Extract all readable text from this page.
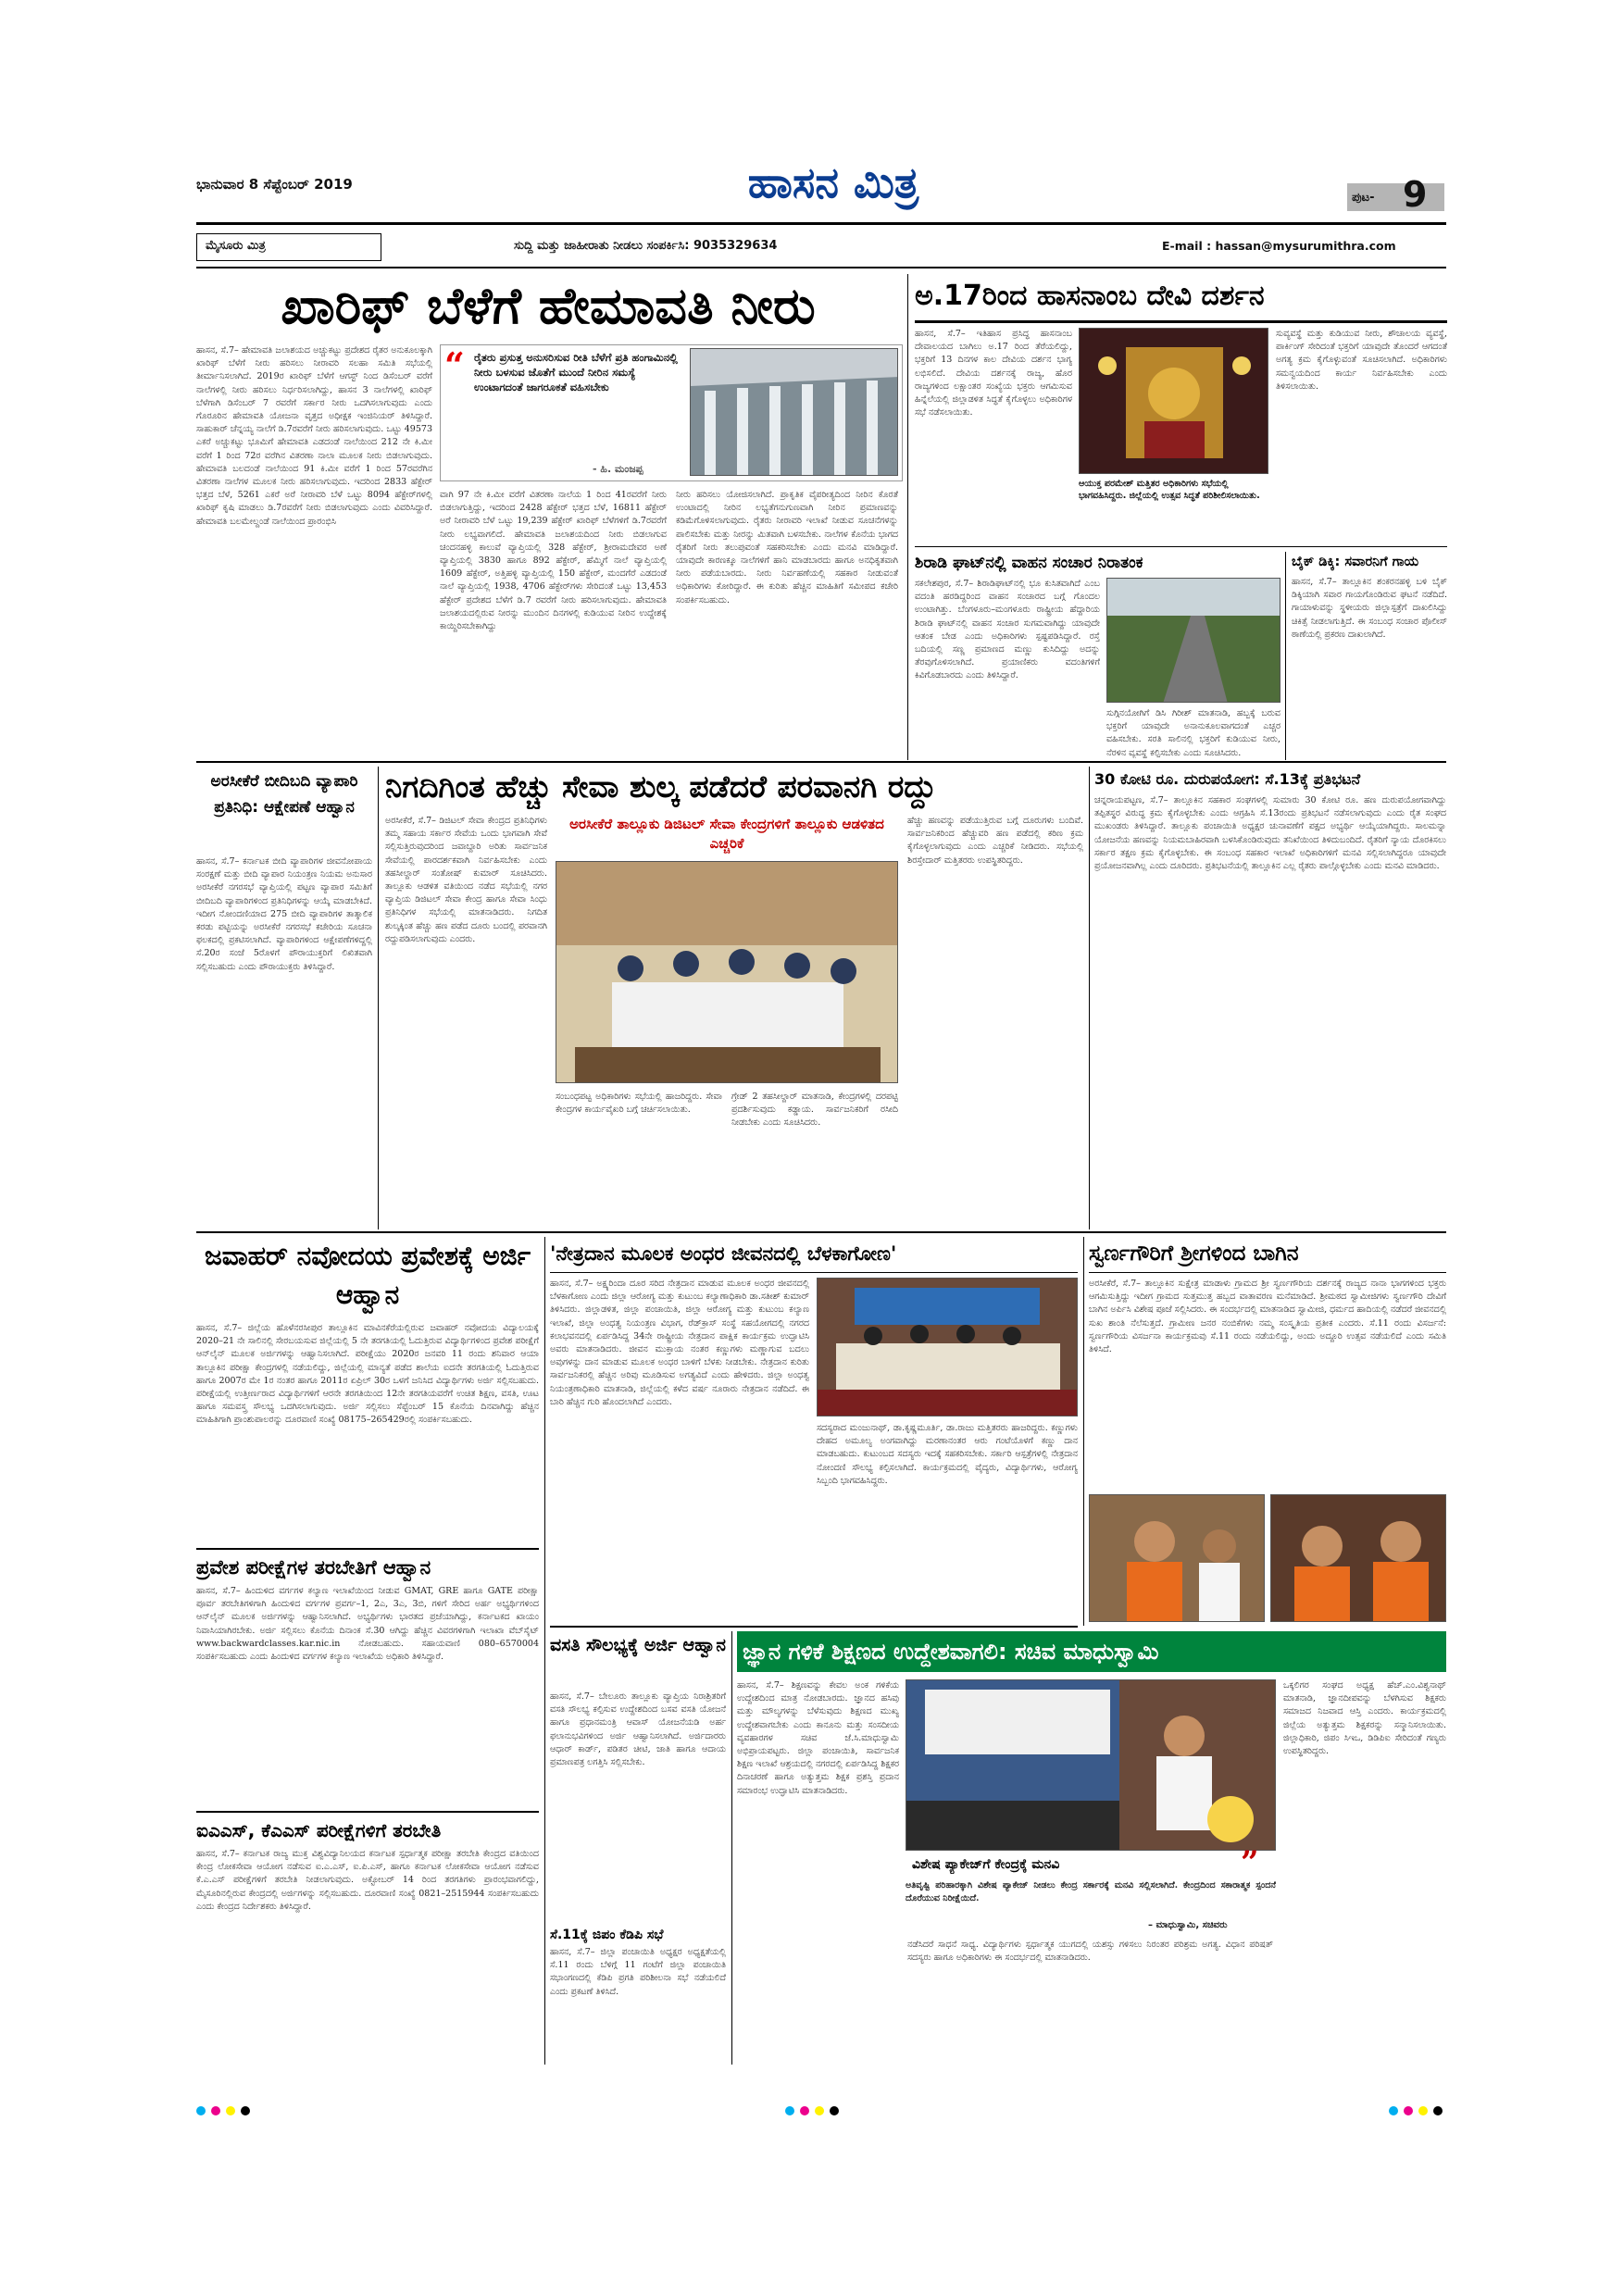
ಭಾನುವಾರ 8 ಸೆಪ್ಟೆಂಬರ್ 2019	ಹಾಸನ ಮಿತ್ರ	ಪುಟ- 9
ಮೈಸೂರು ಮಿತ್ರ	ಸುದ್ದಿ ಮತ್ತು ಜಾಹೀರಾತು ನೀಡಲು ಸಂಪರ್ಕಿಸಿ: 9035329634	E-mail : hassan@mysurumithra.com
ಖಾರಿಫ್ ಬೆಳೆಗೆ ಹೇಮಾವತಿ ನೀರು
ಹಾಸನ, ಸೆ.7– ಹೇಮಾವತಿ ಜಲಾಶಯದ ಅಚ್ಚುಕಟ್ಟು ಪ್ರದೇಶದ ರೈತರ ಅನುಕೂಲಕ್ಕಾಗಿ ಖಾರಿಫ್ ಬೆಳೆಗೆ ನೀರು ಹರಿಸಲು ನೀರಾವರಿ ಸಲಹಾ ಸಮಿತಿ ಸಭೆಯಲ್ಲಿ ತೀರ್ಮಾನಿಸಲಾಗಿದೆ. 2019ರ ಖಾರಿಫ್ ಬೆಳೆಗೆ ಆಗಸ್ಟ್ ನಿಂದ ಡಿಸೆಂಬರ್ ವರೆಗೆ ನಾಲೆಗಳಲ್ಲಿ ನೀರು ಹರಿಸಲು ನಿರ್ಧರಿಸಲಾಗಿದ್ದು, ಹಾಸನ 3 ನಾಲೆಗಳಲ್ಲಿ ಖಾರಿಫ್ ಬೆಳೆಗಾಗಿ ಡಿಸೆಂಬರ್ 7 ರವರೆಗೆ ಸರ್ಕಾರ ನೀರು ಒದಗಿಸಲಾಗುವುದು ಎಂದು ಗೊರೂರಿನ ಹೇಮಾವತಿ ಯೋಜನಾ ವೃತ್ತದ ಅಧೀಕ್ಷಕ ಇಂಜಿನಿಯರ್ ತಿಳಿಸಿದ್ದಾರೆ. ಸಾಹುಕಾರ್ ಚೆನ್ನಯ್ಯ ನಾಲೆಗೆ ಡಿ.7ರವರೆಗೆ ನೀರು ಹರಿಸಲಾಗುವುದು. ಒಟ್ಟು 49573 ಎಕರೆ ಅಚ್ಚುಕಟ್ಟು ಭೂಮಿಗೆ ಹೇಮಾವತಿ ಎಡದಂಡೆ ನಾಲೆಯಿಂದ 212 ನೇ ಕಿ.ಮೀ ವರೆಗೆ 1 ರಿಂದ 72ರ ವರೆಗಿನ ವಿತರಣಾ ನಾಲಾ ಮೂಲಕ ನೀರು ಬಿಡಲಾಗುವುದು. ಹೇಮಾವತಿ ಬಲದಂಡೆ ನಾಲೆಯಿಂದ 91 ಕಿ.ಮೀ ವರೆಗೆ 1 ರಿಂದ 57ರವರೆಗಿನ ವಿತರಣಾ ನಾಲೆಗಳ ಮೂಲಕ ನೀರು ಹರಿಸಲಾಗುವುದು. ಇದರಿಂದ 2833 ಹೆಕ್ಟೇರ್ ಭತ್ತದ ಬೆಳೆ, 5261 ಎಕರೆ ಅರೆ ನೀರಾವರಿ ಬೆಳೆ ಒಟ್ಟು 8094 ಹೆಕ್ಟೇರ್‌ಗಳಲ್ಲಿ ಖಾರಿಫ್ ಕೃಷಿ ಮಾಡಲು ಡಿ.7ರವರೆಗೆ ನೀರು ಬಿಡಲಾಗುವುದು ಎಂದು ವಿವರಿಸಿದ್ದಾರೆ. ಹೇಮಾವತಿ ಬಲಮೇಲ್ದಂಡೆ ನಾಲೆಯಿಂದ ಪ್ರಾರಂಭಿಸಿ
“ ರೈತರು ಪ್ರಸುತ್ತ ಅನುಸರಿಸುವ ರೀತಿ ಬೆಳೆಗೆ ಪ್ರತಿ ಹಂಗಾಮಿನಲ್ಲಿ ನೀರು ಬಳಸುವ ಜೊತೆಗೆ ಮುಂದೆ ನೀರಿನ ಸಮಸ್ಯೆ ಉಂಟಾಗದಂತೆ ಜಾಗರೂಕತೆ ವಹಿಸಬೇಕು
- ಹಿ. ಮಂಜಪ್ಪ
ವಾಗಿ 97 ನೇ ಕಿ.ಮೀ ವರೆಗೆ ವಿತರಣಾ ನಾಲೆಯ 1 ರಿಂದ 41ರವರೆಗೆ ನೀರು ಬಿಡಲಾಗುತ್ತಿದ್ದು, ಇದರಿಂದ 2428 ಹೆಕ್ಟೇರ್ ಭತ್ತದ ಬೆಳೆ, 16811 ಹೆಕ್ಟೇರ್ ಅರೆ ನೀರಾವರಿ ಬೆಳೆ ಒಟ್ಟು 19,239 ಹೆಕ್ಟೇರ್ ಖಾರಿಫ್ ಬೆಳೆಗಳಿಗೆ ಡಿ.7ರವರೆಗೆ ನೀರು ಲಭ್ಯವಾಗಲಿದೆ. ಹೇಮಾವತಿ ಜಲಾಶಯದಿಂದ ನೀರು ಬಿಡಲಾಗುವ ಚಂದನಹಳ್ಳಿ ಕಾಲುವೆ ವ್ಯಾಪ್ತಿಯಲ್ಲಿ 328 ಹೆಕ್ಟೇರ್, ಶ್ರೀರಾಮದೇವರ ಅಣೆ ವ್ಯಾಪ್ತಿಯಲ್ಲಿ 3830 ಹಾಗೂ 892 ಹೆಕ್ಟೇರ್, ಹೆಮ್ಮಿಗೆ ನಾಲೆ ವ್ಯಾಪ್ತಿಯಲ್ಲಿ 1609 ಹೆಕ್ಟೇರ್, ಅತ್ತಿಹಳ್ಳಿ ವ್ಯಾಪ್ತಿಯಲ್ಲಿ 150 ಹೆಕ್ಟೇರ್, ಮಂದಗೆರೆ ಎಡದಂಡೆ ನಾಲೆ ವ್ಯಾಪ್ತಿಯಲ್ಲಿ 1938, 4706 ಹೆಕ್ಟೇರ್‌ಗಳು ಸೇರಿದಂತೆ ಒಟ್ಟು 13,453 ಹೆಕ್ಟೇರ್ ಪ್ರದೇಶದ ಬೆಳೆಗೆ ಡಿ.7 ರವರೆಗೆ ನೀರು ಹರಿಸಲಾಗುವುದು. ಹೇಮಾವತಿ ಜಲಾಶಯದಲ್ಲಿರುವ ನೀರನ್ನು ಮುಂದಿನ ದಿನಗಳಲ್ಲಿ ಕುಡಿಯುವ ನೀರಿನ ಉದ್ದೇಶಕ್ಕೆ ಕಾಯ್ದಿರಿಸಬೇಕಾಗಿದ್ದು
ನೀರು ಹರಿಸಲು ಯೋಜಿಸಲಾಗಿದೆ. ಪ್ರಾಕೃತಿಕ ವೈಪರೀತ್ಯದಿಂದ ನೀರಿನ ಕೊರತೆ ಉಂಟಾದಲ್ಲಿ ನೀರಿನ ಲಭ್ಯತೆಗನುಗುಣವಾಗಿ ನೀರಿನ ಪ್ರಮಾಣವನ್ನು ಕಡಿಮೆಗೊಳಿಸಲಾಗುವುದು. ರೈತರು ನೀರಾವರಿ ಇಲಾಖೆ ನೀಡುವ ಸೂಚನೆಗಳನ್ನು ಪಾಲಿಸಬೇಕು ಮತ್ತು ನೀರನ್ನು ಮಿತವಾಗಿ ಬಳಸಬೇಕು. ನಾಲೆಗಳ ಕೊನೆಯ ಭಾಗದ ರೈತರಿಗೆ ನೀರು ತಲುಪುವಂತೆ ಸಹಕರಿಸಬೇಕು ಎಂದು ಮನವಿ ಮಾಡಿದ್ದಾರೆ. ಯಾವುದೇ ಕಾರಣಕ್ಕೂ ನಾಲೆಗಳಿಗೆ ಹಾನಿ ಮಾಡಬಾರದು ಹಾಗೂ ಅನಧಿಕೃತವಾಗಿ ನೀರು ಪಡೆಯಬಾರದು. ನೀರು ನಿರ್ವಹಣೆಯಲ್ಲಿ ಸಹಕಾರ ನೀಡುವಂತೆ ಅಧಿಕಾರಿಗಳು ಕೋರಿದ್ದಾರೆ. ಈ ಕುರಿತು ಹೆಚ್ಚಿನ ಮಾಹಿತಿಗೆ ಸಮೀಪದ ಕಚೇರಿ ಸಂಪರ್ಕಿಸಬಹುದು.
ಅ.17ರಿಂದ ಹಾಸನಾಂಬ ದೇವಿ ದರ್ಶನ
ಹಾಸನ, ಸೆ.7– ಇತಿಹಾಸ ಪ್ರಸಿದ್ಧ ಹಾಸನಾಂಬ ದೇವಾಲಯದ ಬಾಗಿಲು ಅ.17 ರಿಂದ ತೆರೆಯಲಿದ್ದು, ಭಕ್ತರಿಗೆ 13 ದಿನಗಳ ಕಾಲ ದೇವಿಯ ದರ್ಶನ ಭಾಗ್ಯ ಲಭಿಸಲಿದೆ. ದೇವಿಯ ದರ್ಶನಕ್ಕೆ ರಾಜ್ಯ, ಹೊರ ರಾಜ್ಯಗಳಿಂದ ಲಕ್ಷಾಂತರ ಸಂಖ್ಯೆಯ ಭಕ್ತರು ಆಗಮಿಸುವ ಹಿನ್ನೆಲೆಯಲ್ಲಿ ಜಿಲ್ಲಾಡಳಿತ ಸಿದ್ಧತೆ ಕೈಗೊಳ್ಳಲು ಅಧಿಕಾರಿಗಳ ಸಭೆ ನಡೆಸಲಾಯಿತು.
ಆಯುಕ್ತ ಪರಮೇಶ್ ಮತ್ತಿತರ ಅಧಿಕಾರಿಗಳು ಸಭೆಯಲ್ಲಿ ಭಾಗವಹಿಸಿದ್ದರು. ಜಿಲ್ಲೆಯಲ್ಲಿ ಉತ್ಸವ ಸಿದ್ಧತೆ ಪರಿಶೀಲಿಸಲಾಯಿತು.
ಸುವ್ಯವಸ್ಥೆ ಮತ್ತು ಕುಡಿಯುವ ನೀರು, ಶೌಚಾಲಯ ವ್ಯವಸ್ಥೆ, ಪಾರ್ಕಿಂಗ್ ಸೇರಿದಂತೆ ಭಕ್ತರಿಗೆ ಯಾವುದೇ ತೊಂದರೆ ಆಗದಂತೆ ಅಗತ್ಯ ಕ್ರಮ ಕೈಗೊಳ್ಳುವಂತೆ ಸೂಚಿಸಲಾಗಿದೆ. ಅಧಿಕಾರಿಗಳು ಸಮನ್ವಯದಿಂದ ಕಾರ್ಯ ನಿರ್ವಹಿಸಬೇಕು ಎಂದು ತಿಳಿಸಲಾಯಿತು.
ಶಿರಾಡಿ ಘಾಟ್‌ನಲ್ಲಿ ವಾಹನ ಸಂಚಾರ ನಿರಾತಂಕ
ಸಕಲೇಶಪುರ, ಸೆ.7– ಶಿರಾಡಿಘಾಟ್‌ನಲ್ಲಿ ಭೂ ಕುಸಿತವಾಗಿದೆ ಎಂಬ ವದಂತಿ ಹರಡಿದ್ದರಿಂದ ವಾಹನ ಸಂಚಾರದ ಬಗ್ಗೆ ಗೊಂದಲ ಉಂಟಾಗಿತ್ತು. ಬೆಂಗಳೂರು–ಮಂಗಳೂರು ರಾಷ್ಟ್ರೀಯ ಹೆದ್ದಾರಿಯ ಶಿರಾಡಿ ಘಾಟ್‌ನಲ್ಲಿ ವಾಹನ ಸಂಚಾರ ಸುಗಮವಾಗಿದ್ದು ಯಾವುದೇ ಆತಂಕ ಬೇಡ ಎಂದು ಅಧಿಕಾರಿಗಳು ಸ್ಪಷ್ಟಪಡಿಸಿದ್ದಾರೆ. ರಸ್ತೆ ಬದಿಯಲ್ಲಿ ಸಣ್ಣ ಪ್ರಮಾಣದ ಮಣ್ಣು ಕುಸಿದಿದ್ದು ಅದನ್ನು ತೆರವುಗೊಳಿಸಲಾಗಿದೆ. ಪ್ರಯಾಣಿಕರು ವದಂತಿಗಳಿಗೆ ಕಿವಿಗೊಡಬಾರದು ಎಂದು ತಿಳಿಸಿದ್ದಾರೆ.
ಸುಗ್ಗಿನಯೋಗಿಗೆ ಡಿಸಿ ಗಿರೀಶ್ ಮಾತನಾಡಿ, ಹಬ್ಬಕ್ಕೆ ಬರುವ ಭಕ್ತರಿಗೆ ಯಾವುದೇ ಅನಾನುಕೂಲವಾಗದಂತೆ ಎಚ್ಚರ ವಹಿಸಬೇಕು. ಸರತಿ ಸಾಲಿನಲ್ಲಿ ಭಕ್ತರಿಗೆ ಕುಡಿಯುವ ನೀರು, ನೆರಳಿನ ವ್ಯವಸ್ಥೆ ಕಲ್ಪಿಸಬೇಕು ಎಂದು ಸೂಚಿಸಿದರು.
ಬೈಕ್ ಡಿಕ್ಕಿ: ಸವಾರನಿಗೆ ಗಾಯ
ಹಾಸನ, ಸೆ.7– ತಾಲ್ಲೂಕಿನ ಶಂಕರನಹಳ್ಳಿ ಬಳಿ ಬೈಕ್ ಡಿಕ್ಕಿಯಾಗಿ ಸವಾರ ಗಾಯಗೊಂಡಿರುವ ಘಟನೆ ನಡೆದಿದೆ. ಗಾಯಾಳುವನ್ನು ಸ್ಥಳೀಯರು ಜಿಲ್ಲಾಸ್ಪತ್ರೆಗೆ ದಾಖಲಿಸಿದ್ದು ಚಿಕಿತ್ಸೆ ನೀಡಲಾಗುತ್ತಿದೆ. ಈ ಸಂಬಂಧ ಸಂಚಾರ ಪೊಲೀಸ್ ಠಾಣೆಯಲ್ಲಿ ಪ್ರಕರಣ ದಾಖಲಾಗಿದೆ.
ಅರಸೀಕೆರೆ ಬೀದಿಬದಿ ವ್ಯಾಪಾರಿ ಪ್ರತಿನಿಧಿ: ಆಕ್ಷೇಪಣೆ ಆಹ್ವಾನ
ಹಾಸನ, ಸೆ.7– ಕರ್ನಾಟಕ ಬೀದಿ ವ್ಯಾಪಾರಿಗಳ ಜೀವನೋಪಾಯ ಸಂರಕ್ಷಣೆ ಮತ್ತು ಬೀದಿ ವ್ಯಾಪಾರ ನಿಯಂತ್ರಣ ನಿಯಮ ಅನುಸಾರ ಅರಸೀಕೆರೆ ನಗರಸಭೆ ವ್ಯಾಪ್ತಿಯಲ್ಲಿ ಪಟ್ಟಣ ವ್ಯಾಪಾರ ಸಮಿತಿಗೆ ಬೀದಿಬದಿ ವ್ಯಾಪಾರಿಗಳಿಂದ ಪ್ರತಿನಿಧಿಗಳನ್ನು ಆಯ್ಕೆ ಮಾಡಬೇಕಿದೆ. ಇದೀಗ ನೋಂದಣಿಯಾದ 275 ಬೀದಿ ವ್ಯಾಪಾರಿಗಳ ತಾತ್ಕಾಲಿಕ ಕರಡು ಪಟ್ಟಿಯನ್ನು ಅರಸೀಕೆರೆ ನಗರಸಭೆ ಕಚೇರಿಯ ಸೂಚನಾ ಫಲಕದಲ್ಲಿ ಪ್ರಕಟಿಸಲಾಗಿದೆ. ವ್ಯಾಪಾರಿಗಳಿಂದ ಆಕ್ಷೇಪಣೆಗಳಿದ್ದಲ್ಲಿ ಸೆ.20ರ ಸಂಜೆ 5ರೊಳಗೆ ಪೌರಾಯುಕ್ತರಿಗೆ ಲಿಖಿತವಾಗಿ ಸಲ್ಲಿಸಬಹುದು ಎಂದು ಪೌರಾಯುಕ್ತರು ತಿಳಿಸಿದ್ದಾರೆ.
ನಿಗದಿಗಿಂತ ಹೆಚ್ಚು ಸೇವಾ ಶುಲ್ಕ ಪಡೆದರೆ ಪರವಾನಗಿ ರದ್ದು
ಅರಸೀಕೆರೆ, ಸೆ.7– ಡಿಜಿಟಲ್ ಸೇವಾ ಕೇಂದ್ರದ ಪ್ರತಿನಿಧಿಗಳು ತಮ್ಮ ಸಹಾಯ ಸರ್ಕಾರ ಸೇವೆಯ ಒಂದು ಭಾಗವಾಗಿ ಸೇವೆ ಸಲ್ಲಿಸುತ್ತಿರುವುದರಿಂದ ಜವಾಬ್ದಾರಿ ಅರಿತು ಸಾರ್ವಜನಿಕ ಸೇವೆಯಲ್ಲಿ ಪಾರದರ್ಶಕವಾಗಿ ನಿರ್ವಹಿಸಬೇಕು ಎಂದು ತಹಸೀಲ್ದಾರ್ ಸಂತೋಷ್ ಕುಮಾರ್ ಸೂಚಿಸಿದರು. ತಾಲ್ಲೂಕು ಆಡಳಿತ ವತಿಯಿಂದ ನಡೆದ ಸಭೆಯಲ್ಲಿ ನಗರ ವ್ಯಾಪ್ತಿಯ ಡಿಜಿಟಲ್ ಸೇವಾ ಕೇಂದ್ರ ಹಾಗೂ ಸೇವಾ ಸಿಂಧು ಪ್ರತಿನಿಧಿಗಳ ಸಭೆಯಲ್ಲಿ ಮಾತನಾಡಿದರು. ನಿಗದಿತ ಶುಲ್ಕಕ್ಕಿಂತ ಹೆಚ್ಚು ಹಣ ಪಡೆದ ದೂರು ಬಂದಲ್ಲಿ ಪರವಾನಗಿ ರದ್ದುಪಡಿಸಲಾಗುವುದು ಎಂದರು.
ಅರಸೀಕೆರೆ ತಾಲ್ಲೂಕು ಡಿಜಿಟಲ್ ಸೇವಾ ಕೇಂದ್ರಗಳಿಗೆ ತಾಲ್ಲೂಕು ಆಡಳಿತದ ಎಚ್ಚರಿಕೆ
ಸಂಬಂಧಪಟ್ಟ ಅಧಿಕಾರಿಗಳು ಸಭೆಯಲ್ಲಿ ಹಾಜರಿದ್ದರು. ಸೇವಾ ಕೇಂದ್ರಗಳ ಕಾರ್ಯವೈಖರಿ ಬಗ್ಗೆ ಚರ್ಚಿಸಲಾಯಿತು.
ಗ್ರೇಡ್ 2 ತಹಸೀಲ್ದಾರ್ ಮಾತನಾಡಿ, ಕೇಂದ್ರಗಳಲ್ಲಿ ದರಪಟ್ಟಿ ಪ್ರದರ್ಶಿಸುವುದು ಕಡ್ಡಾಯ. ಸಾರ್ವಜನಿಕರಿಗೆ ರಸೀದಿ ನೀಡಬೇಕು ಎಂದು ಸೂಚಿಸಿದರು.
ಹೆಚ್ಚು ಹಣವನ್ನು ಪಡೆಯುತ್ತಿರುವ ಬಗ್ಗೆ ದೂರುಗಳು ಬಂದಿವೆ. ಸಾರ್ವಜನಿಕರಿಂದ ಹೆಚ್ಚುವರಿ ಹಣ ಪಡೆದಲ್ಲಿ ಕಠಿಣ ಕ್ರಮ ಕೈಗೊಳ್ಳಲಾಗುವುದು ಎಂದು ಎಚ್ಚರಿಕೆ ನೀಡಿದರು. ಸಭೆಯಲ್ಲಿ ಶಿರಸ್ತೇದಾರ್ ಮತ್ತಿತರರು ಉಪಸ್ಥಿತರಿದ್ದರು.
30 ಕೋಟಿ ರೂ. ದುರುಪಯೋಗ: ಸೆ.13ಕ್ಕೆ ಪ್ರತಿಭಟನೆ
ಚನ್ನರಾಯಪಟ್ಟಣ, ಸೆ.7– ತಾಲ್ಲೂಕಿನ ಸಹಕಾರ ಸಂಘಗಳಲ್ಲಿ ಸುಮಾರು 30 ಕೋಟಿ ರೂ. ಹಣ ದುರುಪಯೋಗವಾಗಿದ್ದು ತಪ್ಪಿತಸ್ಥರ ವಿರುದ್ಧ ಕ್ರಮ ಕೈಗೊಳ್ಳಬೇಕು ಎಂದು ಆಗ್ರಹಿಸಿ ಸೆ.13ರಂದು ಪ್ರತಿಭಟನೆ ನಡೆಸಲಾಗುವುದು ಎಂದು ರೈತ ಸಂಘದ ಮುಖಂಡರು ತಿಳಿಸಿದ್ದಾರೆ. ತಾಲ್ಲೂಕು ಪಂಚಾಯಿತಿ ಅಧ್ಯಕ್ಷರ ಚುನಾವಣೆಗೆ ಪಕ್ಷದ ಅಭ್ಯರ್ಥಿ ಆಯ್ಕೆಯಾಗಿದ್ದರು. ಸಾಲಮನ್ನಾ ಯೋಜನೆಯ ಹಣವನ್ನು ನಿಯಮಬಾಹಿರವಾಗಿ ಬಳಸಿಕೊಂಡಿರುವುದು ತನಿಖೆಯಿಂದ ತಿಳಿದುಬಂದಿದೆ. ರೈತರಿಗೆ ನ್ಯಾಯ ದೊರಕಿಸಲು ಸರ್ಕಾರ ತಕ್ಷಣ ಕ್ರಮ ಕೈಗೊಳ್ಳಬೇಕು. ಈ ಸಂಬಂಧ ಸಹಕಾರ ಇಲಾಖೆ ಅಧಿಕಾರಿಗಳಿಗೆ ಮನವಿ ಸಲ್ಲಿಸಲಾಗಿದ್ದರೂ ಯಾವುದೇ ಪ್ರಯೋಜನವಾಗಿಲ್ಲ ಎಂದು ದೂರಿದರು. ಪ್ರತಿಭಟನೆಯಲ್ಲಿ ತಾಲ್ಲೂಕಿನ ಎಲ್ಲ ರೈತರು ಪಾಲ್ಗೊಳ್ಳಬೇಕು ಎಂದು ಮನವಿ ಮಾಡಿದರು.
ಜವಾಹರ್ ನವೋದಯ ಪ್ರವೇಶಕ್ಕೆ ಅರ್ಜಿ ಆಹ್ವಾನ
ಹಾಸನ, ಸೆ.7– ಜಿಲ್ಲೆಯ ಹೊಳೆನರಸೀಪುರ ತಾಲ್ಲೂಕಿನ ಮಾವಿನಕೆರೆಯಲ್ಲಿರುವ ಜವಾಹರ್ ನವೋದಯ ವಿದ್ಯಾಲಯಕ್ಕೆ 2020–21 ನೇ ಸಾಲಿನಲ್ಲಿ ಸೇರಬಯಸುವ ಜಿಲ್ಲೆಯಲ್ಲಿ 5 ನೇ ತರಗತಿಯಲ್ಲಿ ಓದುತ್ತಿರುವ ವಿದ್ಯಾರ್ಥಿಗಳಿಂದ ಪ್ರವೇಶ ಪರೀಕ್ಷೆಗೆ ಆನ್‌ಲೈನ್ ಮೂಲಕ ಅರ್ಜಿಗಳನ್ನು ಆಹ್ವಾನಿಸಲಾಗಿದೆ. ಪರೀಕ್ಷೆಯು 2020ರ ಜನವರಿ 11 ರಂದು ಶನಿವಾರ ಆಯಾ ತಾಲ್ಲೂಕಿನ ಪರೀಕ್ಷಾ ಕೇಂದ್ರಗಳಲ್ಲಿ ನಡೆಯಲಿದ್ದು, ಜಿಲ್ಲೆಯಲ್ಲಿ ಮಾನ್ಯತೆ ಪಡೆದ ಶಾಲೆಯ ಐದನೇ ತರಗತಿಯಲ್ಲಿ ಓದುತ್ತಿರುವ ಹಾಗೂ 2007ರ ಮೇ 1ರ ನಂತರ ಹಾಗೂ 2011ರ ಏಪ್ರಿಲ್ 30ರ ಒಳಗೆ ಜನಿಸಿದ ವಿದ್ಯಾರ್ಥಿಗಳು ಅರ್ಜಿ ಸಲ್ಲಿಸಬಹುದು. ಪರೀಕ್ಷೆಯಲ್ಲಿ ಉತ್ತೀರ್ಣರಾದ ವಿದ್ಯಾರ್ಥಿಗಳಿಗೆ ಆರನೇ ತರಗತಿಯಿಂದ 12ನೇ ತರಗತಿಯವರೆಗೆ ಉಚಿತ ಶಿಕ್ಷಣ, ವಸತಿ, ಊಟ ಹಾಗೂ ಸಮವಸ್ತ್ರ ಸೌಲಭ್ಯ ಒದಗಿಸಲಾಗುವುದು. ಅರ್ಜಿ ಸಲ್ಲಿಸಲು ಸೆಪ್ಟೆಂಬರ್ 15 ಕೊನೆಯ ದಿನವಾಗಿದ್ದು ಹೆಚ್ಚಿನ ಮಾಹಿತಿಗಾಗಿ ಪ್ರಾಂಶುಪಾಲರನ್ನು ದೂರವಾಣಿ ಸಂಖ್ಯೆ 08175–265429ರಲ್ಲಿ ಸಂಪರ್ಕಿಸಬಹುದು.
ಪ್ರವೇಶ ಪರೀಕ್ಷೆಗಳ ತರಬೇತಿಗೆ ಆಹ್ವಾನ
ಹಾಸನ, ಸೆ.7– ಹಿಂದುಳಿದ ವರ್ಗಗಳ ಕಲ್ಯಾಣ ಇಲಾಖೆಯಿಂದ ನೀಡುವ GMAT, GRE ಹಾಗೂ GATE ಪರೀಕ್ಷಾ ಪೂರ್ವ ತರಬೇತಿಗಳಿಗಾಗಿ ಹಿಂದುಳಿದ ವರ್ಗಗಳ ಪ್ರವರ್ಗ–1, 2ಎ, 3ಎ, 3ಬಿ, ಗಳಿಗೆ ಸೇರಿದ ಅರ್ಹ ಅಭ್ಯರ್ಥಿಗಳಿಂದ ಆನ್‌ಲೈನ್ ಮೂಲಕ ಅರ್ಜಿಗಳನ್ನು ಆಹ್ವಾನಿಸಲಾಗಿದೆ. ಅಭ್ಯರ್ಥಿಗಳು ಭಾರತದ ಪ್ರಜೆಯಾಗಿದ್ದು, ಕರ್ನಾಟಕದ ಖಾಯಂ ನಿವಾಸಿಯಾಗಿರಬೇಕು. ಅರ್ಜಿ ಸಲ್ಲಿಸಲು ಕೊನೆಯ ದಿನಾಂಕ ಸೆ.30 ಆಗಿದ್ದು ಹೆಚ್ಚಿನ ವಿವರಗಳಿಗಾಗಿ ಇಲಾಖಾ ವೆಬ್‌ಸೈಟ್ www.backwardclasses.kar.nic.in ನೋಡಬಹುದು. ಸಹಾಯವಾಣಿ 080–6570004 ಸಂಪರ್ಕಿಸಬಹುದು ಎಂದು ಹಿಂದುಳಿದ ವರ್ಗಗಳ ಕಲ್ಯಾಣ ಇಲಾಖೆಯ ಅಧಿಕಾರಿ ತಿಳಿಸಿದ್ದಾರೆ.
ಐಎಎಸ್, ಕೆಎಎಸ್ ಪರೀಕ್ಷೆಗಳಿಗೆ ತರಬೇತಿ
ಹಾಸನ, ಸೆ.7– ಕರ್ನಾಟಕ ರಾಜ್ಯ ಮುಕ್ತ ವಿಶ್ವವಿದ್ಯಾನಿಲಯದ ಕರ್ನಾಟಕ ಸ್ಪರ್ಧಾತ್ಮಕ ಪರೀಕ್ಷಾ ತರಬೇತಿ ಕೇಂದ್ರದ ವತಿಯಿಂದ ಕೇಂದ್ರ ಲೋಕಸೇವಾ ಆಯೋಗ ನಡೆಸುವ ಐ.ಎ.ಎಸ್, ಐ.ಪಿ.ಎಸ್, ಹಾಗೂ ಕರ್ನಾಟಕ ಲೋಕಸೇವಾ ಆಯೋಗ ನಡೆಸುವ ಕೆ.ಎ.ಎಸ್ ಪರೀಕ್ಷೆಗಳಿಗೆ ತರಬೇತಿ ನೀಡಲಾಗುವುದು. ಅಕ್ಟೋಬರ್ 14 ರಿಂದ ತರಗತಿಗಳು ಪ್ರಾರಂಭವಾಗಲಿದ್ದು, ಮೈಸೂರಿನಲ್ಲಿರುವ ಕೇಂದ್ರದಲ್ಲಿ ಅರ್ಜಿಗಳನ್ನು ಸಲ್ಲಿಸಬಹುದು. ದೂರವಾಣಿ ಸಂಖ್ಯೆ 0821–2515944 ಸಂಪರ್ಕಿಸಬಹುದು ಎಂದು ಕೇಂದ್ರದ ನಿರ್ದೇಶಕರು ತಿಳಿಸಿದ್ದಾರೆ.
'ನೇತ್ರದಾನ ಮೂಲಕ ಅಂಧರ ಜೀವನದಲ್ಲಿ ಬೆಳಕಾಗೋಣ'
ಹಾಸನ, ಸೆ.7– ಅಕ್ಷ್ಯರಿಂದಾ ದೂರ ಸರಿದ ನೇತ್ರದಾನ ಮಾಡುವ ಮೂಲಕ ಅಂಧರ ಜೀವನದಲ್ಲಿ ಬೆಳಕಾಗೋಣ ಎಂದು ಜಿಲ್ಲಾ ಆರೋಗ್ಯ ಮತ್ತು ಕುಟುಂಬ ಕಲ್ಯಾಣಾಧಿಕಾರಿ ಡಾ.ಸತೀಶ್ ಕುಮಾರ್ ತಿಳಿಸಿದರು. ಜಿಲ್ಲಾಡಳಿತ, ಜಿಲ್ಲಾ ಪಂಚಾಯಿತಿ, ಜಿಲ್ಲಾ ಆರೋಗ್ಯ ಮತ್ತು ಕುಟುಂಬ ಕಲ್ಯಾಣ ಇಲಾಖೆ, ಜಿಲ್ಲಾ ಅಂಧತ್ವ ನಿಯಂತ್ರಣ ವಿಭಾಗ, ರೆಡ್‌ಕ್ರಾಸ್ ಸಂಸ್ಥೆ ಸಹಯೋಗದಲ್ಲಿ ನಗರದ ಕಲಾಭವನದಲ್ಲಿ ಏರ್ಪಡಿಸಿದ್ದ 34ನೇ ರಾಷ್ಟ್ರೀಯ ನೇತ್ರದಾನ ಪಾಕ್ಷಿಕ ಕಾರ್ಯಕ್ರಮ ಉದ್ಘಾಟಿಸಿ ಅವರು ಮಾತನಾಡಿದರು. ಜೀವನ ಮುಕ್ತಾಯ ನಂತರ ಕಣ್ಣುಗಳು ಮಣ್ಣಾಗುವ ಬದಲು ಅವುಗಳನ್ನು ದಾನ ಮಾಡುವ ಮೂಲಕ ಅಂಧರ ಬಾಳಿಗೆ ಬೆಳಕು ನೀಡಬೇಕು. ನೇತ್ರದಾನ ಕುರಿತು ಸಾರ್ವಜನಿಕರಲ್ಲಿ ಹೆಚ್ಚಿನ ಅರಿವು ಮೂಡಿಸುವ ಅಗತ್ಯವಿದೆ ಎಂದು ಹೇಳಿದರು. ಜಿಲ್ಲಾ ಅಂಧತ್ವ ನಿಯಂತ್ರಣಾಧಿಕಾರಿ ಮಾತನಾಡಿ, ಜಿಲ್ಲೆಯಲ್ಲಿ ಕಳೆದ ವರ್ಷ ನೂರಾರು ನೇತ್ರದಾನ ನಡೆದಿದೆ. ಈ ಬಾರಿ ಹೆಚ್ಚಿನ ಗುರಿ ಹೊಂದಲಾಗಿದೆ ಎಂದರು.
ಸದಸ್ಯರಾದ ಮಂಜುನಾಥ್, ಡಾ.ಕೃಷ್ಣಮೂರ್ತಿ, ಡಾ.ರಾಜು ಮತ್ತಿತರರು ಹಾಜರಿದ್ದರು. ಕಣ್ಣುಗಳು ದೇಹದ ಅಮೂಲ್ಯ ಅಂಗವಾಗಿದ್ದು ಮರಣಾನಂತರ ಆರು ಗಂಟೆಯೊಳಗೆ ಕಣ್ಣು ದಾನ ಮಾಡಬಹುದು. ಕುಟುಂಬದ ಸದಸ್ಯರು ಇದಕ್ಕೆ ಸಹಕರಿಸಬೇಕು. ಸರ್ಕಾರಿ ಆಸ್ಪತ್ರೆಗಳಲ್ಲಿ ನೇತ್ರದಾನ ನೋಂದಣಿ ಸೌಲಭ್ಯ ಕಲ್ಪಿಸಲಾಗಿದೆ. ಕಾರ್ಯಕ್ರಮದಲ್ಲಿ ವೈದ್ಯರು, ವಿದ್ಯಾರ್ಥಿಗಳು, ಆರೋಗ್ಯ ಸಿಬ್ಬಂದಿ ಭಾಗವಹಿಸಿದ್ದರು.
ಸ್ವರ್ಣಗೌರಿಗೆ ಶ್ರೀಗಳಿಂದ ಬಾಗಿನ
ಅರಸೀಕೆರೆ, ಸೆ.7– ತಾಲ್ಲೂಕಿನ ಸುಕ್ಷೇತ್ರ ಮಾಡಾಳು ಗ್ರಾಮದ ಶ್ರೀ ಸ್ವರ್ಣಗೌರಿಯ ದರ್ಶನಕ್ಕೆ ರಾಜ್ಯದ ನಾನಾ ಭಾಗಗಳಿಂದ ಭಕ್ತರು ಆಗಮಿಸುತ್ತಿದ್ದು ಇದೀಗ ಗ್ರಾಮದ ಸುತ್ತಮುತ್ತ ಹಬ್ಬದ ವಾತಾವರಣ ಮನೆಮಾಡಿದೆ. ಶ್ರೀಮಠದ ಸ್ವಾಮೀಜಿಗಳು ಸ್ವರ್ಣಗೌರಿ ದೇವಿಗೆ ಬಾಗಿನ ಅರ್ಪಿಸಿ ವಿಶೇಷ ಪೂಜೆ ಸಲ್ಲಿಸಿದರು. ಈ ಸಂದರ್ಭದಲ್ಲಿ ಮಾತನಾಡಿದ ಸ್ವಾಮೀಜಿ, ಧರ್ಮದ ಹಾದಿಯಲ್ಲಿ ನಡೆದರೆ ಜೀವನದಲ್ಲಿ ಸುಖ ಶಾಂತಿ ನೆಲೆಸುತ್ತದೆ. ಗ್ರಾಮೀಣ ಜನರ ನಂಬಿಕೆಗಳು ನಮ್ಮ ಸಂಸ್ಕೃತಿಯ ಪ್ರತೀಕ ಎಂದರು. ಸೆ.11 ರಂದು ವಿಸರ್ಜನೆ: ಸ್ವರ್ಣಗೌರಿಯ ವಿಸರ್ಜನಾ ಕಾರ್ಯಕ್ರಮವು ಸೆ.11 ರಂದು ನಡೆಯಲಿದ್ದು, ಅಂದು ಅದ್ದೂರಿ ಉತ್ಸವ ನಡೆಯಲಿದೆ ಎಂದು ಸಮಿತಿ ತಿಳಿಸಿದೆ.
ವಸತಿ ಸೌಲಭ್ಯಕ್ಕೆ ಅರ್ಜಿ ಆಹ್ವಾನ
ಹಾಸನ, ಸೆ.7– ಬೇಲೂರು ತಾಲ್ಲೂಕು ವ್ಯಾಪ್ತಿಯ ನಿರಾಶ್ರಿತರಿಗೆ ವಸತಿ ಸೌಲಭ್ಯ ಕಲ್ಪಿಸುವ ಉದ್ದೇಶದಿಂದ ಬಸವ ವಸತಿ ಯೋಜನೆ ಹಾಗೂ ಪ್ರಧಾನಮಂತ್ರಿ ಆವಾಸ್ ಯೋಜನೆಯಡಿ ಅರ್ಹ ಫಲಾನುಭವಿಗಳಿಂದ ಅರ್ಜಿ ಆಹ್ವಾನಿಸಲಾಗಿದೆ. ಅರ್ಜಿದಾರರು ಆಧಾರ್ ಕಾರ್ಡ್, ಪಡಿತರ ಚೀಟಿ, ಜಾತಿ ಹಾಗೂ ಆದಾಯ ಪ್ರಮಾಣಪತ್ರ ಲಗತ್ತಿಸಿ ಸಲ್ಲಿಸಬೇಕು.
ಸೆ.11ಕ್ಕೆ ಜಿಪಂ ಕೆಡಿಪಿ ಸಭೆ
ಹಾಸನ, ಸೆ.7– ಜಿಲ್ಲಾ ಪಂಚಾಯಿತಿ ಅಧ್ಯಕ್ಷರ ಅಧ್ಯಕ್ಷತೆಯಲ್ಲಿ ಸೆ.11 ರಂದು ಬೆಳಿಗ್ಗೆ 11 ಗಂಟೆಗೆ ಜಿಲ್ಲಾ ಪಂಚಾಯಿತಿ ಸಭಾಂಗಣದಲ್ಲಿ ಕೆಡಿಪಿ ಪ್ರಗತಿ ಪರಿಶೀಲನಾ ಸಭೆ ನಡೆಯಲಿದೆ ಎಂದು ಪ್ರಕಟಣೆ ತಿಳಿಸಿದೆ.
ಜ್ಞಾನ ಗಳಿಕೆ ಶಿಕ್ಷಣದ ಉದ್ದೇಶವಾಗಲಿ: ಸಚಿವ ಮಾಧುಸ್ವಾಮಿ
ಹಾಸನ, ಸೆ.7– ಶಿಕ್ಷಣವನ್ನು ಕೇವಲ ಅಂಕ ಗಳಿಕೆಯ ಉದ್ದೇಶದಿಂದ ಮಾತ್ರ ನೋಡಬಾರದು. ಜ್ಞಾನದ ಹಸಿವು ಮತ್ತು ಮೌಲ್ಯಗಳನ್ನು ಬೆಳೆಸುವುದು ಶಿಕ್ಷಣದ ಮುಖ್ಯ ಉದ್ದೇಶವಾಗಬೇಕು ಎಂದು ಕಾನೂನು ಮತ್ತು ಸಂಸದೀಯ ವ್ಯವಹಾರಗಳ ಸಚಿವ ಜೆ.ಸಿ.ಮಾಧುಸ್ವಾಮಿ ಅಭಿಪ್ರಾಯಪಟ್ಟರು. ಜಿಲ್ಲಾ ಪಂಚಾಯಿತಿ, ಸಾರ್ವಜನಿಕ ಶಿಕ್ಷಣ ಇಲಾಖೆ ಆಶ್ರಯದಲ್ಲಿ ನಗರದಲ್ಲಿ ಏರ್ಪಡಿಸಿದ್ದ ಶಿಕ್ಷಕರ ದಿನಾಚರಣೆ ಹಾಗೂ ಅತ್ಯುತ್ತಮ ಶಿಕ್ಷಕ ಪ್ರಶಸ್ತಿ ಪ್ರದಾನ ಸಮಾರಂಭ ಉದ್ಘಾಟಿಸಿ ಮಾತನಾಡಿದರು.
ವಿಶೇಷ ಪ್ಯಾಕೇಜ್‌ಗೆ ಕೇಂದ್ರಕ್ಕೆ ಮನವಿ	”
ಅತಿವೃಷ್ಟಿ ಪರಿಹಾರಕ್ಕಾಗಿ ವಿಶೇಷ ಪ್ಯಾಕೇಜ್ ನೀಡಲು ಕೇಂದ್ರ ಸರ್ಕಾರಕ್ಕೆ ಮನವಿ ಸಲ್ಲಿಸಲಾಗಿದೆ. ಕೇಂದ್ರದಿಂದ ಸಕಾರಾತ್ಮಕ ಸ್ಪಂದನೆ ದೊರೆಯುವ ನಿರೀಕ್ಷೆಯಿದೆ.
– ಮಾಧುಸ್ವಾಮಿ, ಸಚಿವರು
ನಡೆಸಿದರೆ ಸಾಧನೆ ಸಾಧ್ಯ. ವಿದ್ಯಾರ್ಥಿಗಳು ಸ್ಪರ್ಧಾತ್ಮಕ ಯುಗದಲ್ಲಿ ಯಶಸ್ಸು ಗಳಿಸಲು ನಿರಂತರ ಪರಿಶ್ರಮ ಅಗತ್ಯ. ವಿಧಾನ ಪರಿಷತ್ ಸದಸ್ಯರು ಹಾಗೂ ಅಧಿಕಾರಿಗಳು ಈ ಸಂದರ್ಭದಲ್ಲಿ ಮಾತನಾಡಿದರು.
ಒಕ್ಕಲಿಗರ ಸಂಘದ ಅಧ್ಯಕ್ಷ ಹೆಚ್.ಎಂ.ವಿಶ್ವನಾಥ್ ಮಾತನಾಡಿ, ಜ್ಞಾನದೀಪವನ್ನು ಬೆಳಗಿಸುವ ಶಿಕ್ಷಕರು ಸಮಾಜದ ನಿಜವಾದ ಆಸ್ತಿ ಎಂದರು. ಕಾರ್ಯಕ್ರಮದಲ್ಲಿ ಜಿಲ್ಲೆಯ ಅತ್ಯುತ್ತಮ ಶಿಕ್ಷಕರನ್ನು ಸನ್ಮಾನಿಸಲಾಯಿತು. ಜಿಲ್ಲಾಧಿಕಾರಿ, ಜಿಪಂ ಸಿಇಒ, ಡಿಡಿಪಿಐ ಸೇರಿದಂತೆ ಗಣ್ಯರು ಉಪಸ್ಥಿತರಿದ್ದರು.
